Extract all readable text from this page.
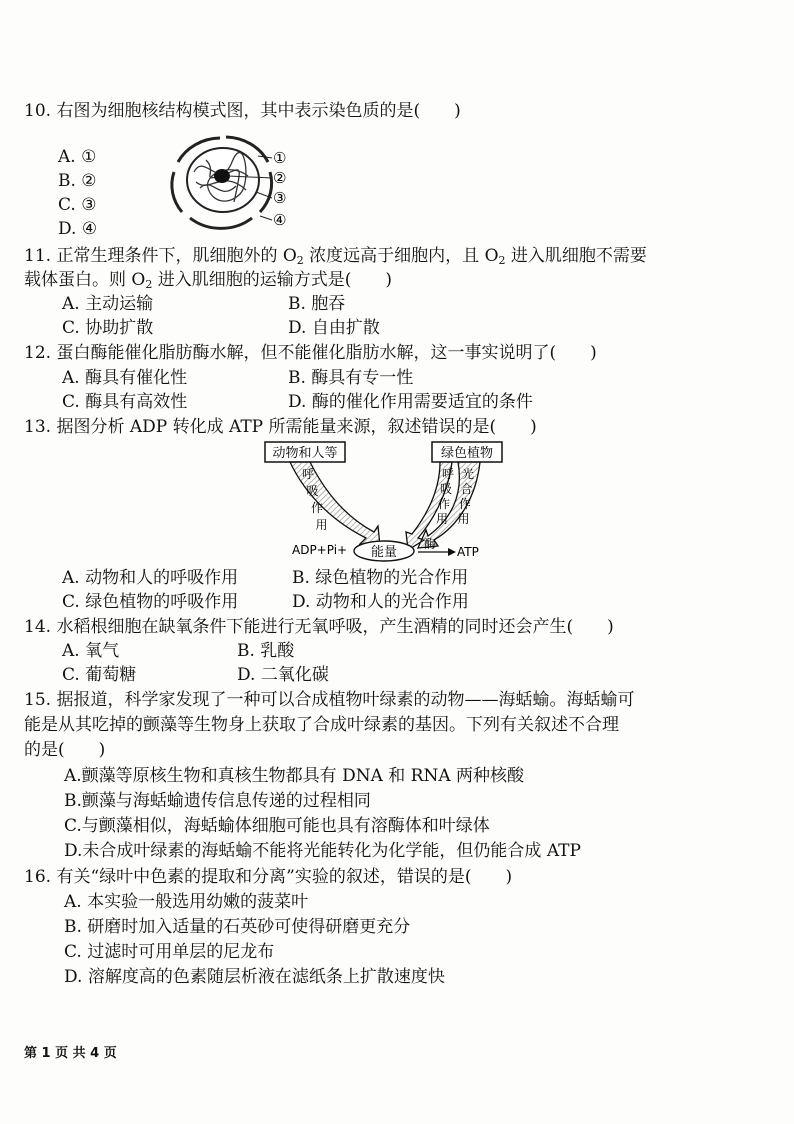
10. 右图为细胞核结构模式图，其中表示染色质的是(　　)
A. ①
B. ②
C. ③
D. ④
①
②
③
④
11. 正常生理条件下，肌细胞外的 $O_2$ 浓度远高于细胞内，且 $O_2$ 进入肌细胞不需要
载体蛋白。则 $O_2$ 进入肌细胞的运输方式是(　　)
A. 主动运输	B. 胞吞
C. 协助扩散	D. 自由扩散
12. 蛋白酶能催化脂肪酶水解，但不能催化脂肪水解，这一事实说明了(　　)
A. 酶具有催化性	B. 酶具有专一性
C. 酶具有高效性	D. 酶的催化作用需要适宜的条件
13. 据图分析 ADP 转化成 ATP 所需能量来源，叙述错误的是(　　)
动物和人等	绿色植物
呼
吸
作
用
呼
吸
作
用
光
合
作
用
ADP+Pi+ 能量
酶
ATP
A. 动物和人的呼吸作用	B. 绿色植物的光合作用
C. 绿色植物的呼吸作用	D. 动物和人的光合作用
14. 水稻根细胞在缺氧条件下能进行无氧呼吸，产生酒精的同时还会产生(　　)
A. 氧气	B. 乳酸
C. 葡萄糖	D. 二氧化碳
15. 据报道，科学家发现了一种可以合成植物叶绿素的动物——海蛞蝓。海蛞蝓可
能是从其吃掉的颤藻等生物身上获取了合成叶绿素的基因。下列有关叙述不合理
的是(　　)
A.颤藻等原核生物和真核生物都具有 DNA 和 RNA 两种核酸
B.颤藻与海蛞蝓遗传信息传递的过程相同
C.与颤藻相似，海蛞蝓体细胞可能也具有溶酶体和叶绿体
D.未合成叶绿素的海蛞蝓不能将光能转化为化学能，但仍能合成 ATP
16. 有关“绿叶中色素的提取和分离”实验的叙述，错误的是(　　)
A. 本实验一般选用幼嫩的菠菜叶
B. 研磨时加入适量的石英砂可使得研磨更充分
C. 过滤时可用单层的尼龙布
D. 溶解度高的色素随层析液在滤纸条上扩散速度快
第 1 页 共 4 页
